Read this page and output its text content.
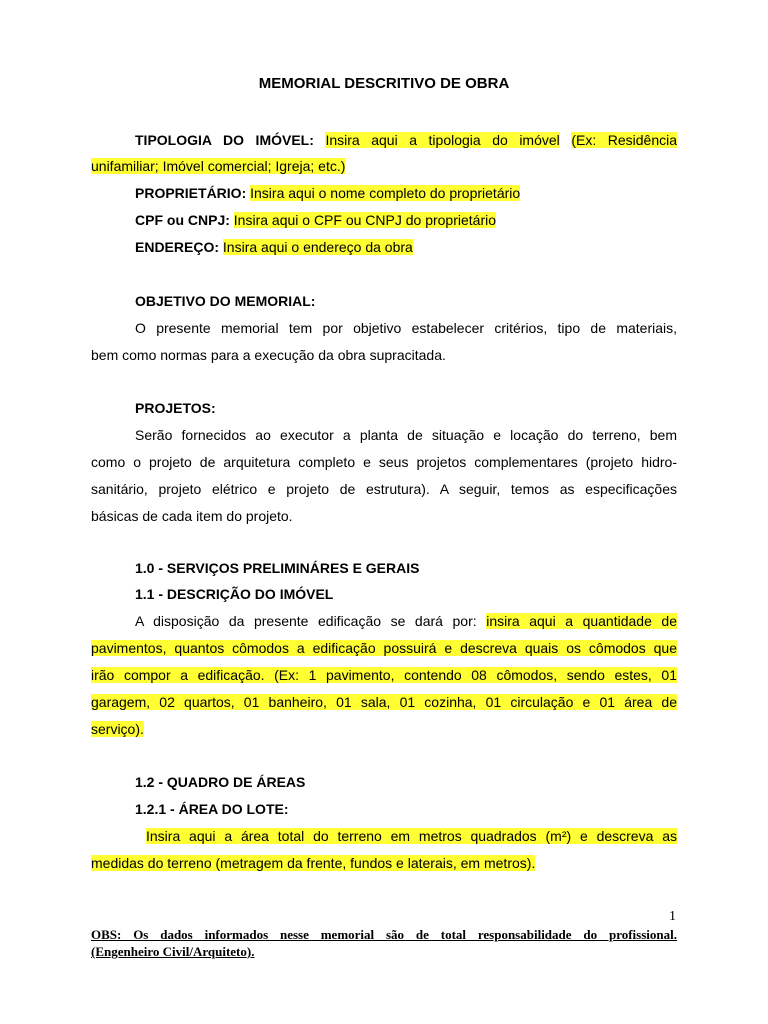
MEMORIAL DESCRITIVO DE OBRA
TIPOLOGIA DO IMÓVEL: Insira aqui a tipologia do imóvel (Ex: Residência
unifamiliar; Imóvel comercial; Igreja; etc.)
PROPRIETÁRIO: Insira aqui o nome completo do proprietário
CPF ou CNPJ: Insira aqui o CPF ou CNPJ do proprietário
ENDEREÇO: Insira aqui o endereço da obra
OBJETIVO DO MEMORIAL:
O presente memorial tem por objetivo estabelecer critérios, tipo de materiais,
bem como normas para a execução da obra supracitada.
PROJETOS:
Serão fornecidos ao executor a planta de situação e locação do terreno, bem
como o projeto de arquitetura completo e seus projetos complementares (projeto hidro-
sanitário, projeto elétrico e projeto de estrutura). A seguir, temos as especificações
básicas de cada item do projeto.
1.0 - SERVIÇOS PRELIMINÁRES E GERAIS
1.1 - DESCRIÇÃO DO IMÓVEL
A disposição da presente edificação se dará por: insira aqui a quantidade de
pavimentos, quantos cômodos a edificação possuirá e descreva quais os cômodos que
irão compor a edificação. (Ex: 1 pavimento, contendo 08 cômodos, sendo estes, 01
garagem, 02 quartos, 01 banheiro, 01 sala, 01 cozinha, 01 circulação e 01 área de
serviço).
1.2 - QUADRO DE ÁREAS
1.2.1 - ÁREA DO LOTE:
Insira aqui a área total do terreno em metros quadrados (m²) e descreva as
medidas do terreno (metragem da frente, fundos e laterais, em metros).
1
OBS: Os dados informados nesse memorial são de total responsabilidade do profissional.
(Engenheiro Civil/Arquiteto).
